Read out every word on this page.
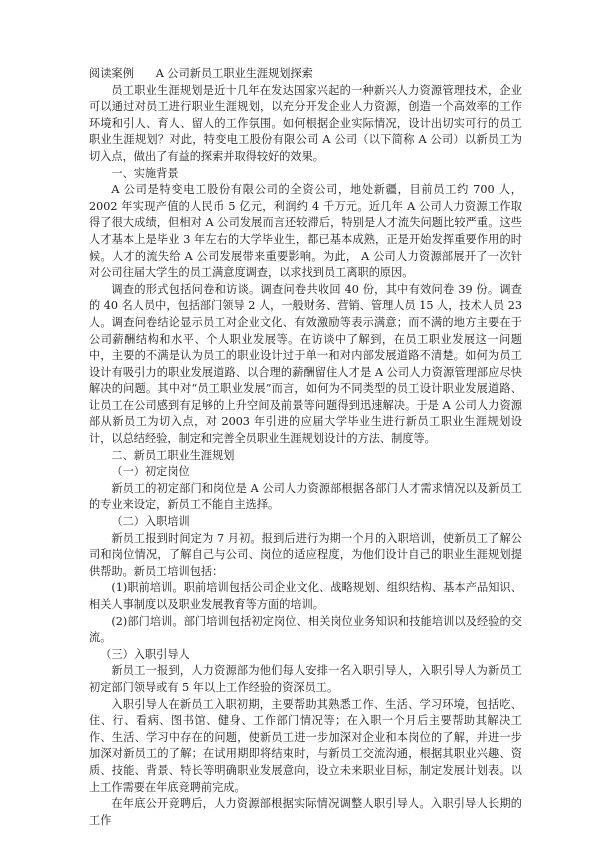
阅读案例 A 公司新员工职业生涯规划探索

员工职业生涯规划是近十几年在发达国家兴起的一种新兴人力资源管理技术，企业可以通过对员工进行职业生涯规划，以充分开发企业人力资源，创造一个高效率的工作环境和引人、育人、留人的工作氛围。如何根据企业实际情况，设计出切实可行的员工职业生涯规划？对此，特变电工股份有限公司 A 公司（以下简称 A 公司）以新员工为切入点，做出了有益的探索并取得较好的效果。

一、实施背景

A 公司是特变电工股份有限公司的全资公司，地处新疆，目前员工约 700 人，2002 年实现产值的人民币 5 亿元，利润约 4 千万元。近几年 A 公司人力资源工作取得了很大成绩，但相对 A 公司发展而言还较滞后，特别是人才流失问题比较严重。这些人才基本上是毕业 3 年左右的大学毕业生，都已基本成熟，正是开始发挥重要作用的时候。人才的流失给 A 公司发展带来重要影响。为此， A 公司人力资源部展开了一次针对公司往届大学生的员工满意度调查，以求找到员工离职的原因。

调查的形式包括问卷和访谈。调查问卷共收回 40 份，其中有效问卷 39 份。调查的 40 名人员中，包括部门领导 2 人，一般财务、营销、管理人员 15 人，技术人员 23 人。调查问卷结论显示员工对企业文化、有效激励等表示满意；而不满的地方主要在于公司薪酬结构和水平、个人职业发展等。在访谈中了解到，在员工职业发展这一问题中，主要的不满是认为员工的职业设计过于单一和对内部发展道路不清楚。如何为员工设计有吸引力的职业发展道路、以合理的薪酬留住人才是 A 公司人力资源管理部应尽快解决的问题。其中对“员工职业发展”而言，如何为不同类型的员工设计职业发展道路、让员工在公司感到有足够的上升空间及前景等问题得到迅速解决。于是 A 公司人力资源部从新员工为切入点，对 2003 年引进的应届大学毕业生进行新员工职业生涯规划设计，以总结经验，制定和完善全员职业生涯规划设计的方法、制度等。

二、新员工职业生涯规划

（一）初定岗位

新员工的初定部门和岗位是 A 公司人力资源部根据各部门人才需求情况以及新员工的专业来设定，新员工不能自主选择。

（二）入职培训

新员工报到时间定为 7 月初。报到后进行为期一个月的入职培训，使新员工了解公司和岗位情况，了解自己与公司、岗位的适应程度，为他们设计自己的职业生涯规划提供帮助。新员工培训包括：

(1)职前培训。职前培训包括公司企业文化、战略规划、组织结构、基本产品知识、相关人事制度以及职业发展教育等方面的培训。

(2)部门培训。部门培训包括初定岗位、相关岗位业务知识和技能培训以及经验的交流。

（三）入职引导人

新员工一报到，人力资源部为他们每人安排一名入职引导人，入职引导人为新员工初定部门领导或有 5 年以上工作经验的资深员工。

入职引导人在新员工入职初期，主要帮助其熟悉工作、生活、学习环境，包括吃、住、行、看病、图书馆、健身、工作部门情况等；在入职一个月后主要帮助其解决工作、生活、学习中存在的问题，使新员工进一步加深对企业和本岗位的了解，并进一步加深对新员工的了解；在试用期即将结束时，与新员工交流沟通，根据其职业兴趣、资质、技能、背景、特长等明确职业发展意向，设立未来职业目标，制定发展计划表。以上工作需要在年底竞聘前完成。

在年底公开竞聘后，人力资源部根据实际情况调整人职引导人。入职引导人长期的工作
